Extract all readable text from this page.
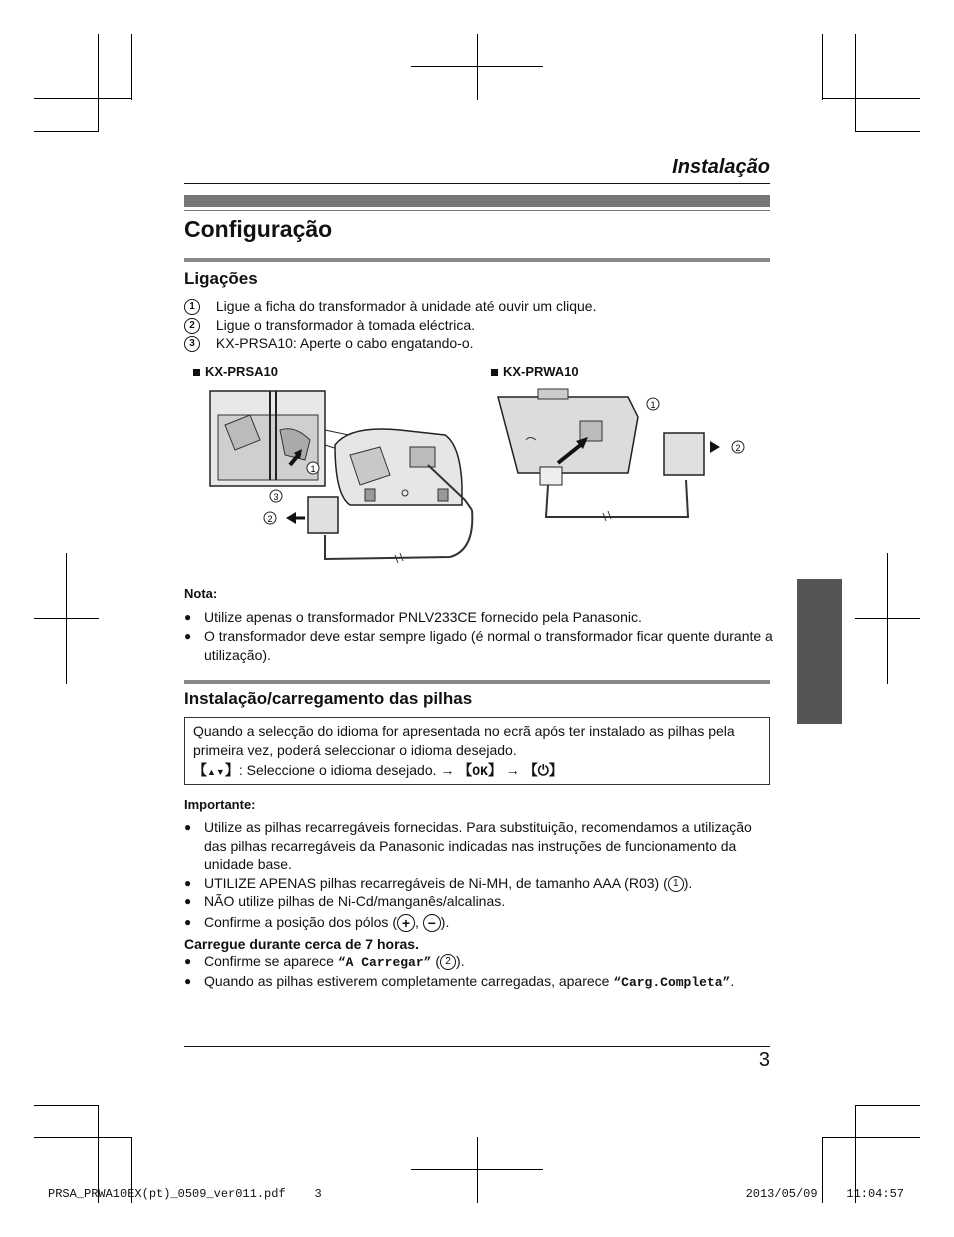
Instalação
Configuração
Ligações
1 Ligue a ficha do transformador à unidade até ouvir um clique.
2 Ligue o transformador à tomada eléctrica.
3 KX-PRSA10: Aperte o cabo engatando-o.
KX-PRSA10	KX-PRWA10
1
3
2
1
2
Nota:
● Utilize apenas o transformador PNLV233CE fornecido pela Panasonic.
● O transformador deve estar sempre ligado (é normal o transformador ficar quente durante a utilização).
Instalação/carregamento das pilhas
Quando a selecção do idioma for apresentada no ecrã após ter instalado as pilhas pela
primeira vez, poderá seleccionar o idioma desejado.
【▲▼】: Seleccione o idioma desejado. → 【OK】 → 【⏻】
Importante:
● Utilize as pilhas recarregáveis fornecidas. Para substituição, recomendamos a utilização das pilhas recarregáveis da Panasonic indicadas nas instruções de funcionamento da unidade base.
● UTILIZE APENAS pilhas recarregáveis de Ni-MH, de tamanho AAA (R03) ( 1 ).
● NÃO utilize pilhas de Ni-Cd/manganês/alcalinas.
● Confirme a posição dos pólos ( + , − ).
Carregue durante cerca de 7 horas.
● Confirme se aparece “A Carregar” ( 2 ).
● Quando as pilhas estiverem completamente carregadas, aparece “Carg.Completa”.
3
PRSA_PRWA10EX(pt)_0509_ver011.pdf    3	2013/05/09    11:04:57
